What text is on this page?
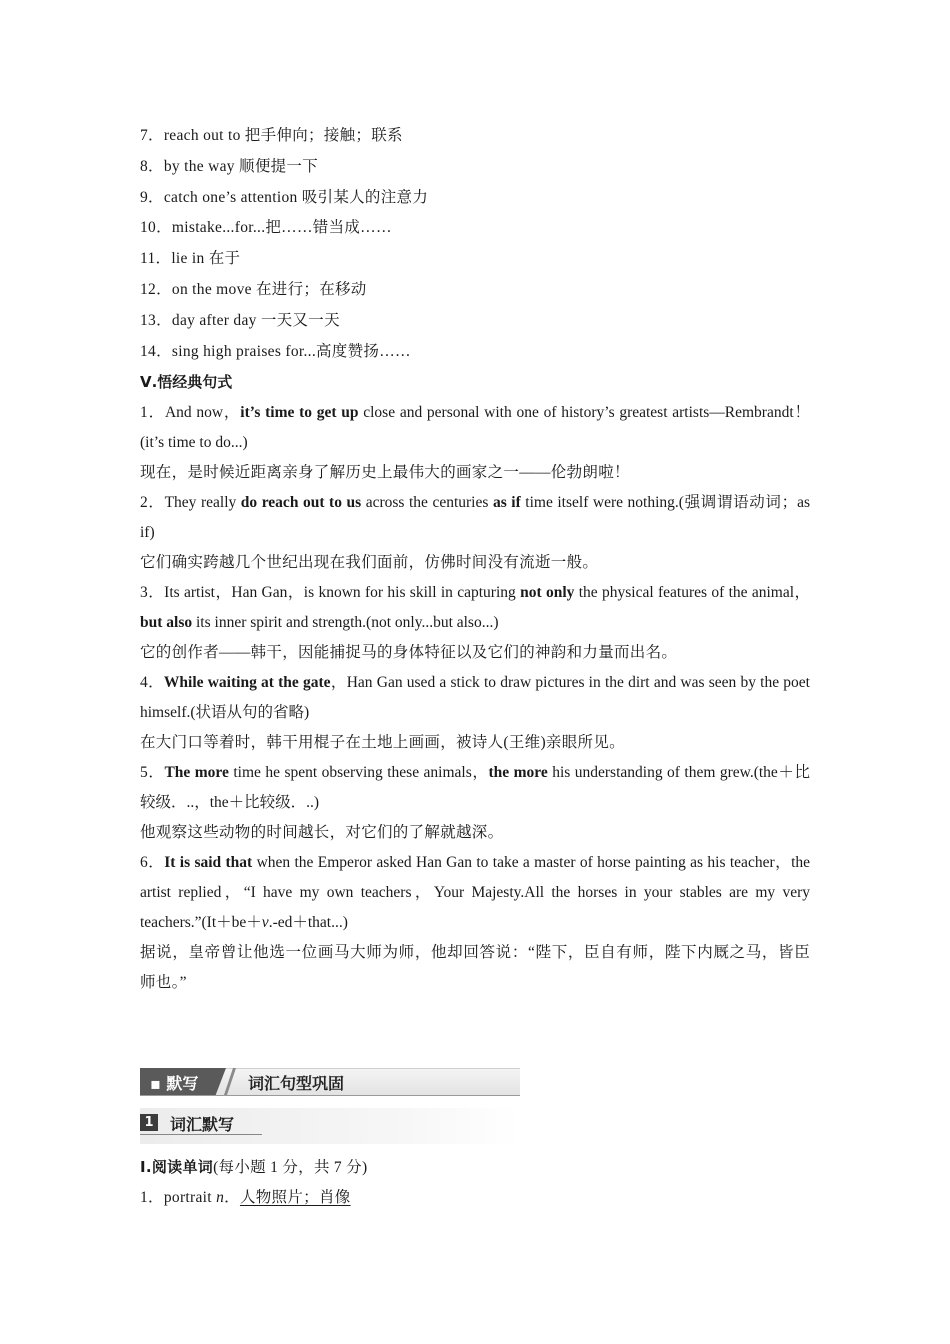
7．reach out to 把手伸向；接触；联系
8．by the way 顺便提一下
9．catch one’s attention 吸引某人的注意力
10．mistake...for...把……错当成……
11．lie in 在于
12．on the move 在进行；在移动
13．day after day 一天又一天
14．sing high praises for...高度赞扬……
Ⅴ.悟经典句式
1．And now，it’s time to get up close and personal with one of history’s greatest artists—Rembrandt！(it’s time to do...)
现在，是时候近距离亲身了解历史上最伟大的画家之一——伦勃朗啦！
2．They really do reach out to us across the centuries as if time itself were nothing.(强调谓语动词；as if)
它们确实跨越几个世纪出现在我们面前，仿佛时间没有流逝一般。
3．Its artist，Han Gan，is known for his skill in capturing not only the physical features of the animal，but also its inner spirit and strength.(not only...but also...)
它的创作者——韩干，因能捕捉马的身体特征以及它们的神韵和力量而出名。
4．While waiting at the gate，Han Gan used a stick to draw pictures in the dirt and was seen by the poet himself.(状语从句的省略)
在大门口等着时，韩干用棍子在土地上画画，被诗人(王维)亲眼所见。
5．The more time he spent observing these animals，the more his understanding of them grew.(the＋比较级．..，the＋比较级．..)
他观察这些动物的时间越长，对它们的了解就越深。
6．It is said that when the Emperor asked Han Gan to take a master of horse painting as his teacher，the artist replied，“I have my own teachers，Your Majesty.All the horses in your stables are my very teachers.”(It＋be＋v.-ed＋that...)
据说，皇帝曾让他选一位画马大师为师，他却回答说：“陛下，臣自有师，陛下内厩之马，皆臣师也。”
▪ 默写	词汇句型巩固
1 词汇默写
Ⅰ.阅读单词(每小题 1 分，共 7 分)
1．portrait n．人物照片；肖像
